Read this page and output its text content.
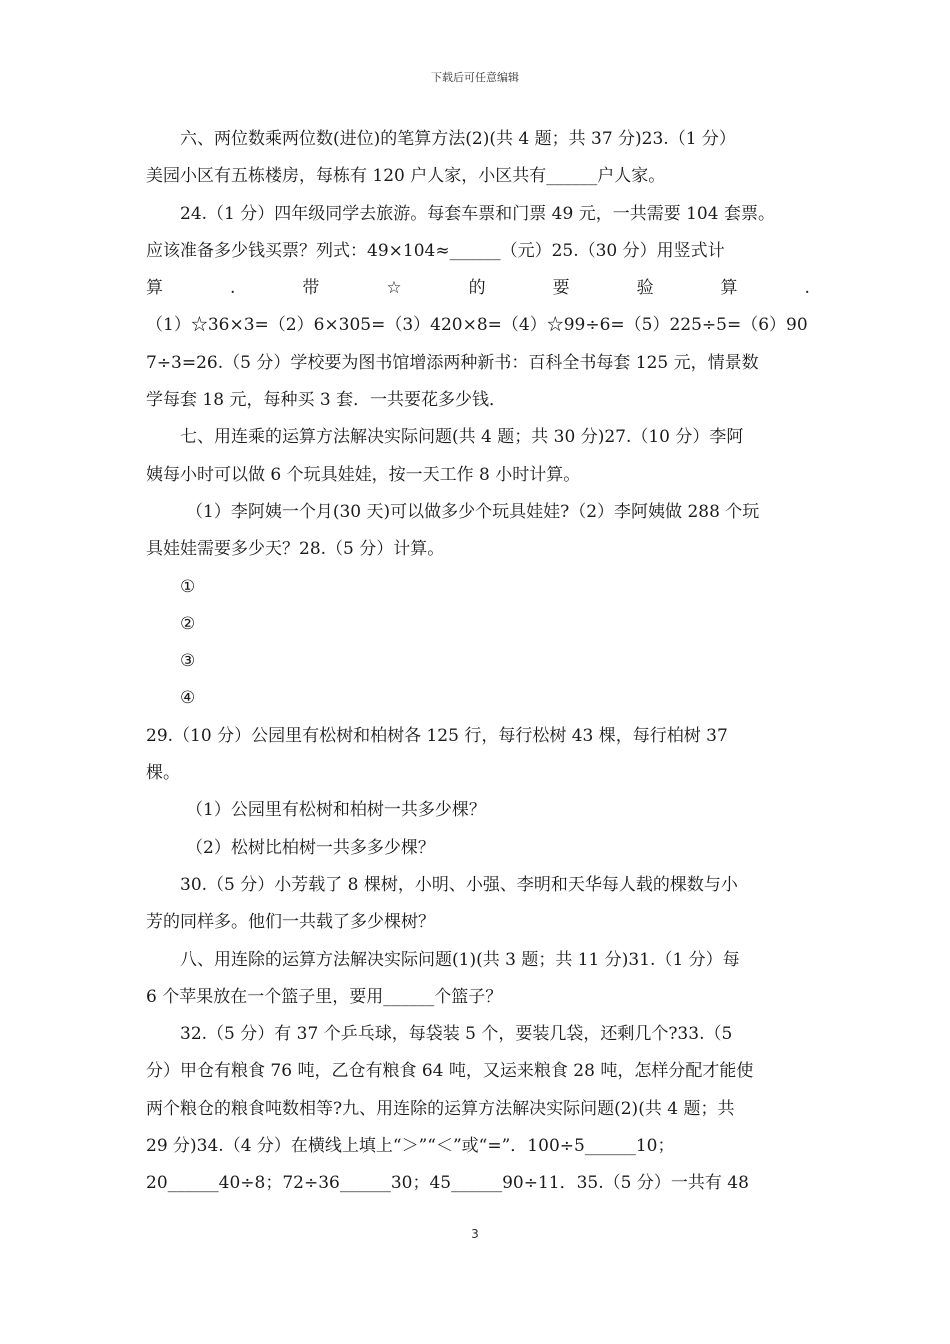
下载后可任意编辑
六、两位数乘两位数(进位)的笔算方法(2)(共 4 题；共 37 分)23.（1 分）
美园小区有五栋楼房，每栋有 120 户人家，小区共有______户人家。
24.（1 分）四年级同学去旅游。每套车票和门票 49 元，一共需要 104 套票。
应该准备多少钱买票？列式：49×104≈______（元）25.（30 分）用竖式计
算	.	带	☆	的	要	验	算	.
（1）☆36×3=（2）6×305=（3）420×8=（4）☆99÷6=（5）225÷5=（6）90
7÷3=26.（5 分）学校要为图书馆增添两种新书：百科全书每套 125 元，情景数
学每套 18 元，每种买 3 套．一共要花多少钱．
七、用连乘的运算方法解决实际问题(共 4 题；共 30 分)27.（10 分）李阿
姨每小时可以做 6 个玩具娃娃，按一天工作 8 小时计算。
（1）李阿姨一个月(30 天)可以做多少个玩具娃娃?（2）李阿姨做 288 个玩
具娃娃需要多少天？28.（5 分）计算。
①
②
③
④
29.（10 分）公园里有松树和柏树各 125 行，每行松树 43 棵，每行柏树 37
棵。
（1）公园里有松树和柏树一共多少棵？
（2）松树比柏树一共多多少棵？
30.（5 分）小芳载了 8 棵树，小明、小强、李明和天华每人载的棵数与小
芳的同样多。他们一共载了多少棵树？
八、用连除的运算方法解决实际问题(1)(共 3 题；共 11 分)31.（1 分）每
6 个苹果放在一个篮子里，要用______个篮子？
32.（5 分）有 37 个乒乓球，每袋装 5 个，要装几袋，还剩几个?33.（5
分）甲仓有粮食 76 吨，乙仓有粮食 64 吨，又运来粮食 28 吨，怎样分配才能使
两个粮仓的粮食吨数相等?九、用连除的运算方法解决实际问题(2)(共 4 题；共
29 分)34.（4 分）在横线上填上“＞”“＜”或“=”．100÷5______10；
20______40÷8；72÷36______30；45______90÷11．35.（5 分）一共有 48
3
